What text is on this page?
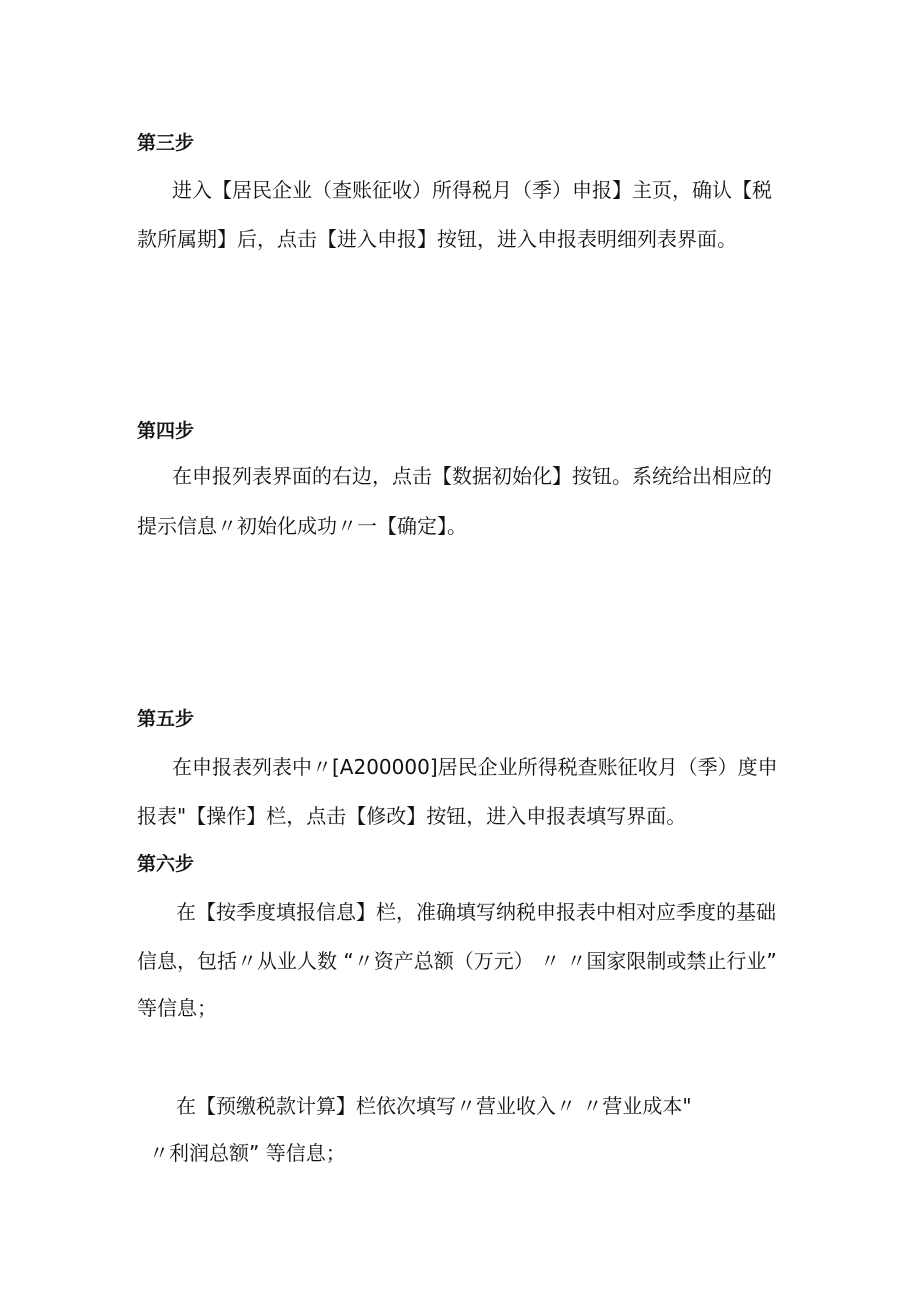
第三步
进入【居民企业（查账征收）所得税月（季）申报】主页，确认【税
款所属期】后，点击【进入申报】按钮，进入申报表明细列表界面。
第四步
在申报列表界面的右边，点击【数据初始化】按钮。系统给出相应的
提示信息〃初始化成功〃一【确定】。
第五步
在申报表列表中〃[A200000]居民企业所得税查账征收月（季）度申
报表"【操作】栏，点击【修改】按钮，进入申报表填写界面。
第六步
在【按季度填报信息】栏，准确填写纳税申报表中相对应季度的基础
信息，包括〃从业人数 “〃资产总额（万元） 〃 〃国家限制或禁止行业”
等信息；
在【预缴税款计算】栏依次填写〃营业收入〃 〃营业成本"
〃利润总额” 等信息；
